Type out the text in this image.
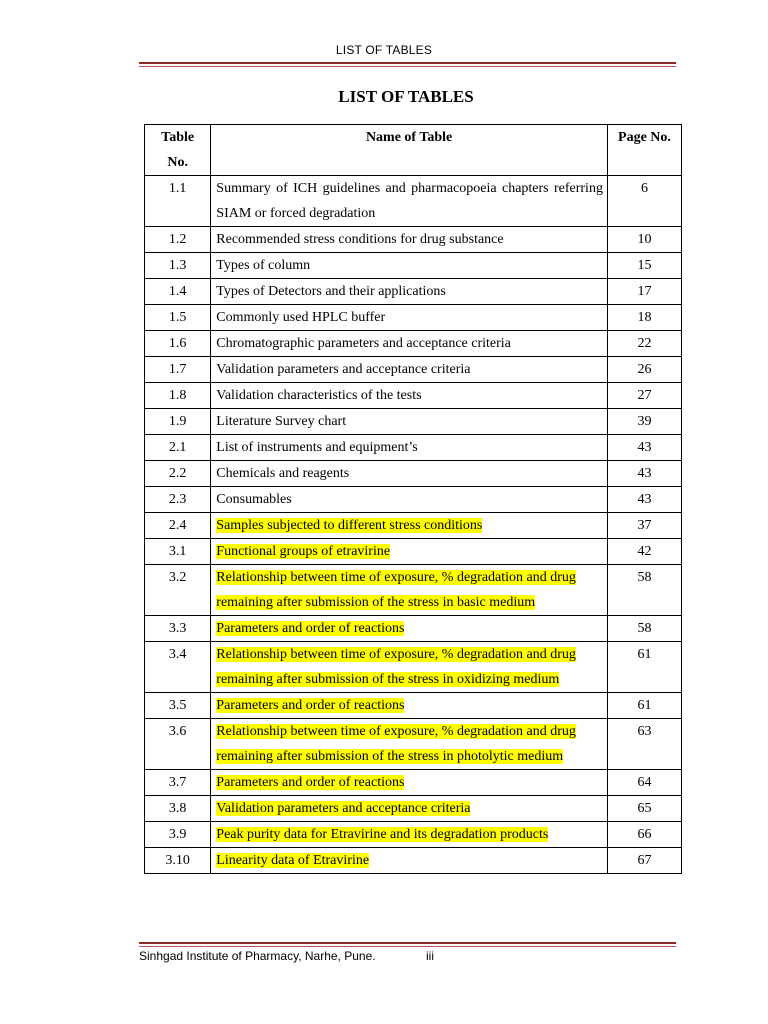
LIST OF TABLES
LIST OF TABLES
Table
No.	Name of Table	Page No.
1.1	Summary of ICH guidelines and pharmacopoeia chapters referring SIAM or forced degradation	6
1.2	Recommended stress conditions for drug substance	10
1.3	Types of column	15
1.4	Types of Detectors and their applications	17
1.5	Commonly used HPLC buffer	18
1.6	Chromatographic parameters and acceptance criteria	22
1.7	Validation parameters and acceptance criteria	26
1.8	Validation characteristics of the tests	27
1.9	Literature Survey chart	39
2.1	List of instruments and equipment’s	43
2.2	Chemicals and reagents	43
2.3	Consumables	43
2.4	Samples subjected to different stress conditions	37
3.1	Functional groups of etravirine	42
3.2	Relationship between time of exposure, % degradation and drug remaining after submission of the stress in basic medium	58
3.3	Parameters and order of reactions	58
3.4	Relationship between time of exposure, % degradation and drug remaining after submission of the stress in oxidizing medium	61
3.5	Parameters and order of reactions	61
3.6	Relationship between time of exposure, % degradation and drug remaining after submission of the stress in photolytic medium	63
3.7	Parameters and order of reactions	64
3.8	Validation parameters and acceptance criteria	65
3.9	Peak purity data for Etravirine and its degradation products	66
3.10	Linearity data of Etravirine	67
Sinhgad Institute of Pharmacy, Narhe, Pune.	iii
